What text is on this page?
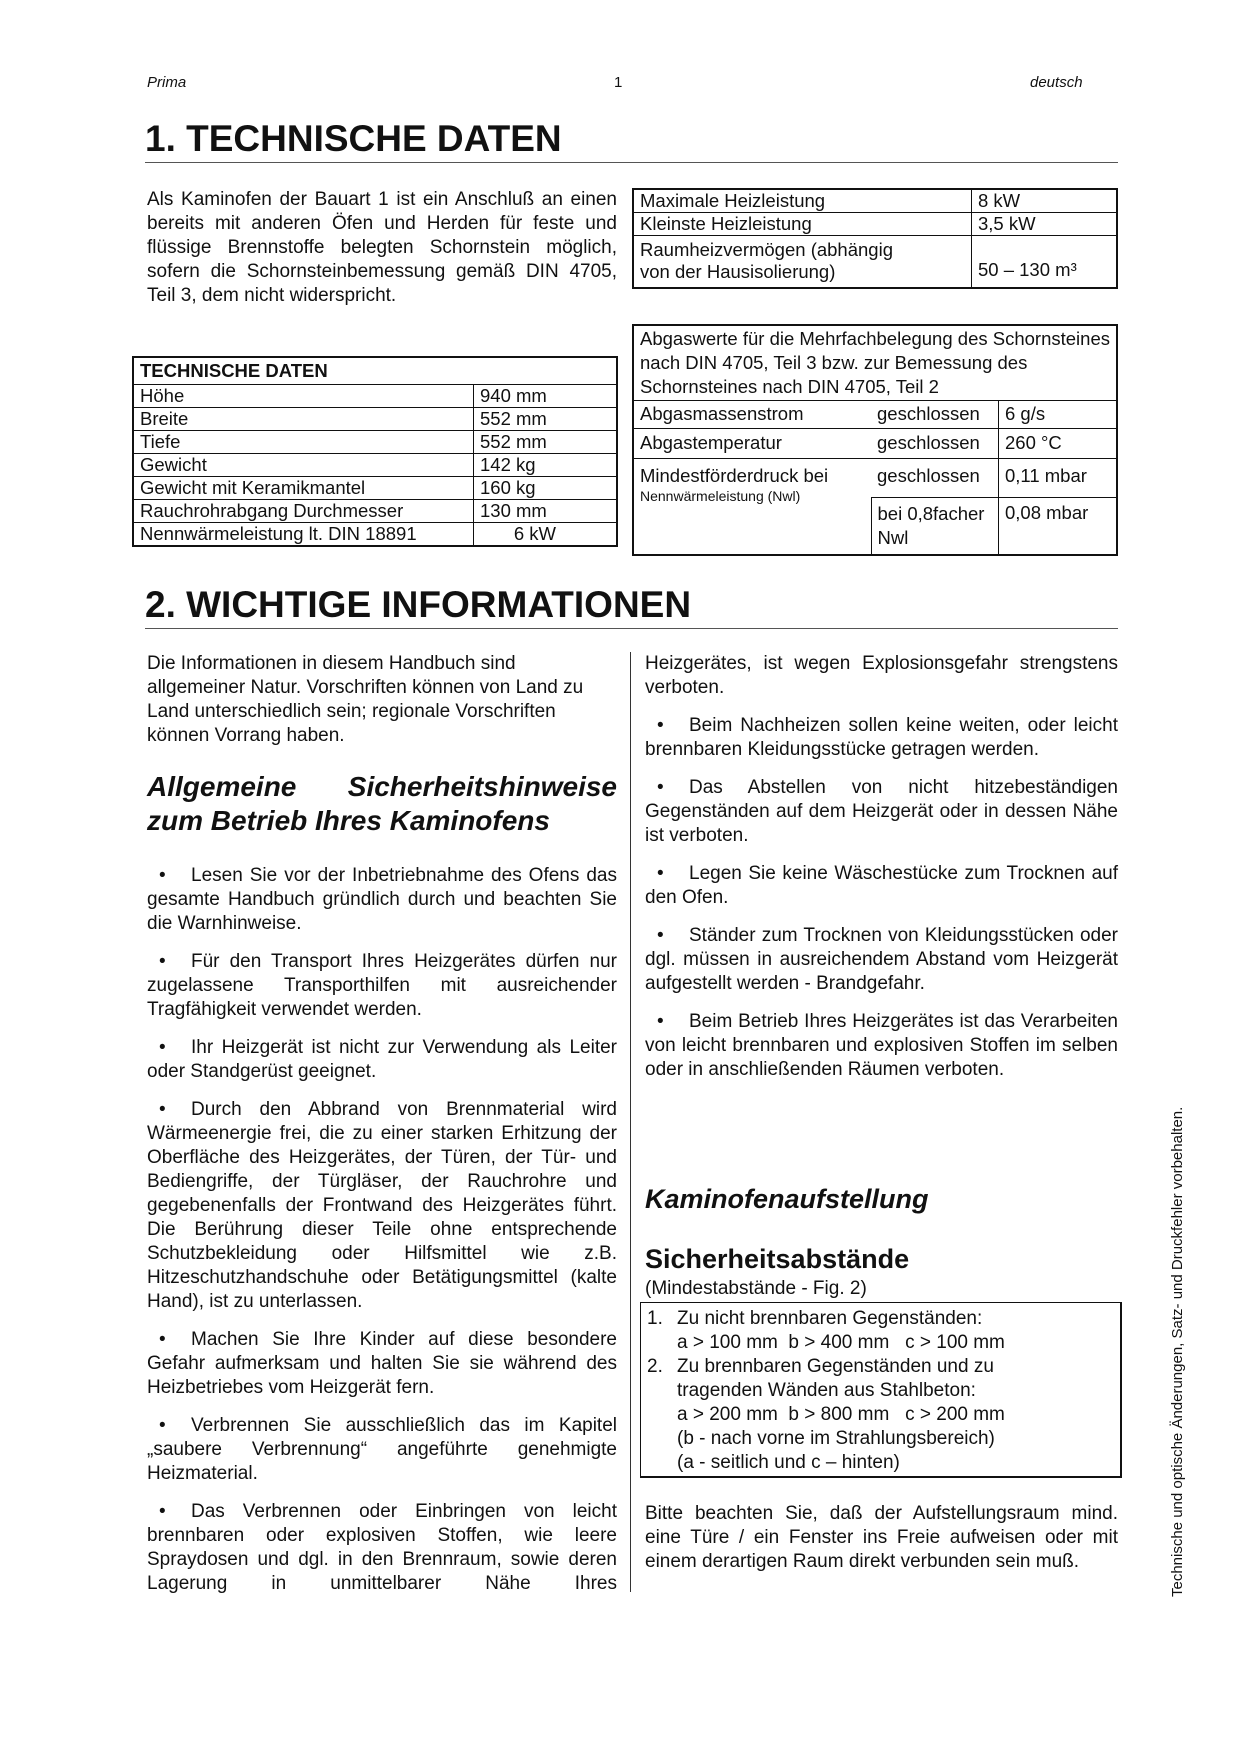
Prima	1	deutsch
1. TECHNISCHE DATEN
Als Kaminofen der Bauart 1 ist ein Anschluß an einen bereits mit anderen Öfen und Herden für feste und flüssige Brennstoffe belegten Schornstein möglich, sofern die Schornsteinbemessung gemäß DIN 4705, Teil 3, dem nicht widerspricht.
TECHNISCHE DATEN	
Höhe	940 mm
Breite	552 mm
Tiefe	552 mm
Gewicht	142 kg
Gewicht mit Keramikmantel	160 kg
Rauchrohrabgang Durchmesser	130 mm
Nennwärmeleistung lt. DIN 18891	6 kW
Maximale Heizleistung	8 kW
Kleinste Heizleistung	3,5 kW

Raumheizvermögen (abhängig
von der Hausisolierung)	50 – 130 m³
Abgaswerte für die Mehrfachbelegung des Schornsteines nach DIN 4705, Teil 3 bzw. zur Bemessung des Schornsteines nach DIN 4705, Teil 2		
Abgasmassenstrom	geschlossen	6 g/s
Abgastemperatur	geschlossen	260 °C

Mindestförderdruck bei
Nennwärmeleistung (Nwl)	geschlossen	0,11 mbar
	bei 0,8facher Nwl	0,08 mbar
2. WICHTIGE INFORMATIONEN
Die Informationen in diesem Handbuch sind allgemeiner Natur. Vorschriften können von Land zu Land unterschiedlich sein; regionale Vorschriften können Vorrang haben.
Allgemeine Sicherheitshinweise
zum Betrieb Ihres Kaminofens

• Lesen Sie vor der Inbetriebnahme des Ofens das gesamte Handbuch gründlich durch und beachten Sie die Warnhinweise.

• Für den Transport Ihres Heizgerätes dürfen nur zugelassene Transporthilfen mit ausreichender Tragfähigkeit verwendet werden.

• Ihr Heizgerät ist nicht zur Verwendung als Leiter oder Standgerüst geeignet.

• Durch den Abbrand von Brennmaterial wird Wärmeenergie frei, die zu einer starken Erhitzung der Oberfläche des Heizgerätes, der Türen, der Tür- und Bediengriffe, der Türgläser, der Rauchrohre und gegebenenfalls der Frontwand des Heizgerätes führt. Die Berührung dieser Teile ohne entsprechende Schutzbekleidung oder Hilfsmittel wie z.B. Hitzeschutzhandschuhe oder Betätigungsmittel (kalte Hand), ist zu unterlassen.

• Machen Sie Ihre Kinder auf diese besondere Gefahr aufmerksam und halten Sie sie während des Heizbetriebes vom Heizgerät fern.

• Verbrennen Sie ausschließlich das im Kapitel „saubere Verbrennung“ angeführte genehmigte Heizmaterial.

• Das Verbrennen oder Einbringen von leicht brennbaren oder explosiven Stoffen, wie leere Spraydosen und dgl. in den Brennraum, sowie deren Lagerung in unmittelbarer Nähe Ihres

Heizgerätes, ist wegen Explosionsgefahr strengstens verboten.

• Beim Nachheizen sollen keine weiten, oder leicht brennbaren Kleidungsstücke getragen werden.

• Das Abstellen von nicht hitzebeständigen Gegenständen auf dem Heizgerät oder in dessen Nähe ist verboten.

• Legen Sie keine Wäschestücke zum Trocknen auf den Ofen.

• Ständer zum Trocknen von Kleidungsstücken oder dgl. müssen in ausreichendem Abstand vom Heizgerät aufgestellt werden - Brandgefahr.

• Beim Betrieb Ihres Heizgerätes ist das Verarbeiten von leicht brennbaren und explosiven Stoffen im selben oder in anschließenden Räumen verboten.

Kaminofenaufstellung
Sicherheitsabstände
(Mindestabstände - Fig. 2)
1. Zu nicht brennbaren Gegenständen:
a > 100 mm  b > 400 mm   c > 100 mm
2. Zu brennbaren Gegenständen und zu
tragenden Wänden aus Stahlbeton:
a > 200 mm  b > 800 mm   c > 200 mm
(b - nach vorne im Strahlungsbereich)
(a - seitlich und c – hinten)
Bitte beachten Sie, daß der Aufstellungsraum mind. eine Türe / ein Fenster ins Freie aufweisen oder mit einem derartigen Raum direkt verbunden sein muß.	Technische und optische Änderungen, Satz- und Druckfehler vorbehalten.
